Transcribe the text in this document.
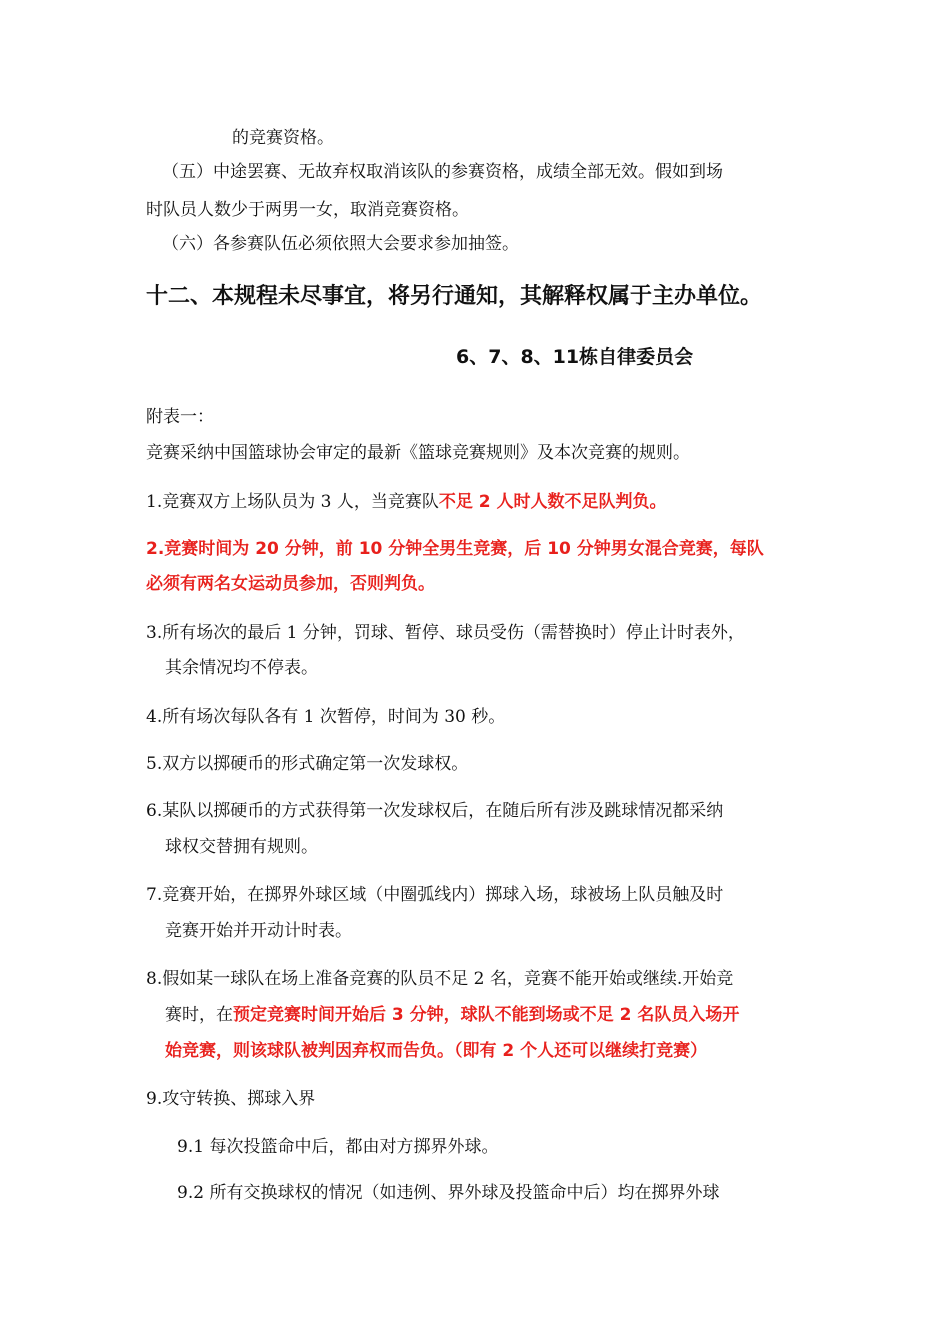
的竞赛资格。
（五）中途罢赛、无故弃权取消该队的参赛资格，成绩全部无效。假如到场
时队员人数少于两男一女，取消竞赛资格。
（六）各参赛队伍必须依照大会要求参加抽签。
十二、本规程未尽事宜，将另行通知，其解释权属于主办单位。
6、7、8、11栋自律委员会
附表一：
竞赛采纳中国篮球协会审定的最新《篮球竞赛规则》及本次竞赛的规则。
1.竞赛双方上场队员为 3 人，当竞赛队不足 2 人时人数不足队判负。
2.竞赛时间为 20 分钟，前 10 分钟全男生竞赛，后 10 分钟男女混合竞赛，每队
必须有两名女运动员参加，否则判负。
3.所有场次的最后 1 分钟，罚球、暂停、球员受伤（需替换时）停止计时表外，
其余情况均不停表。
4.所有场次每队各有 1 次暂停，时间为 30 秒。
5.双方以掷硬币的形式确定第一次发球权。
6.某队以掷硬币的方式获得第一次发球权后，在随后所有涉及跳球情况都采纳
球权交替拥有规则。
7.竞赛开始，在掷界外球区域（中圈弧线内）掷球入场，球被场上队员触及时
竞赛开始并开动计时表。
8.假如某一球队在场上准备竞赛的队员不足 2 名，竞赛不能开始或继续.开始竞
赛时，在预定竞赛时间开始后 3 分钟，球队不能到场或不足 2 名队员入场开
始竞赛，则该球队被判因弃权而告负。（即有 2 个人还可以继续打竞赛）
9.攻守转换、掷球入界
9.1 每次投篮命中后，都由对方掷界外球。
9.2 所有交换球权的情况（如违例、界外球及投篮命中后）均在掷界外球
